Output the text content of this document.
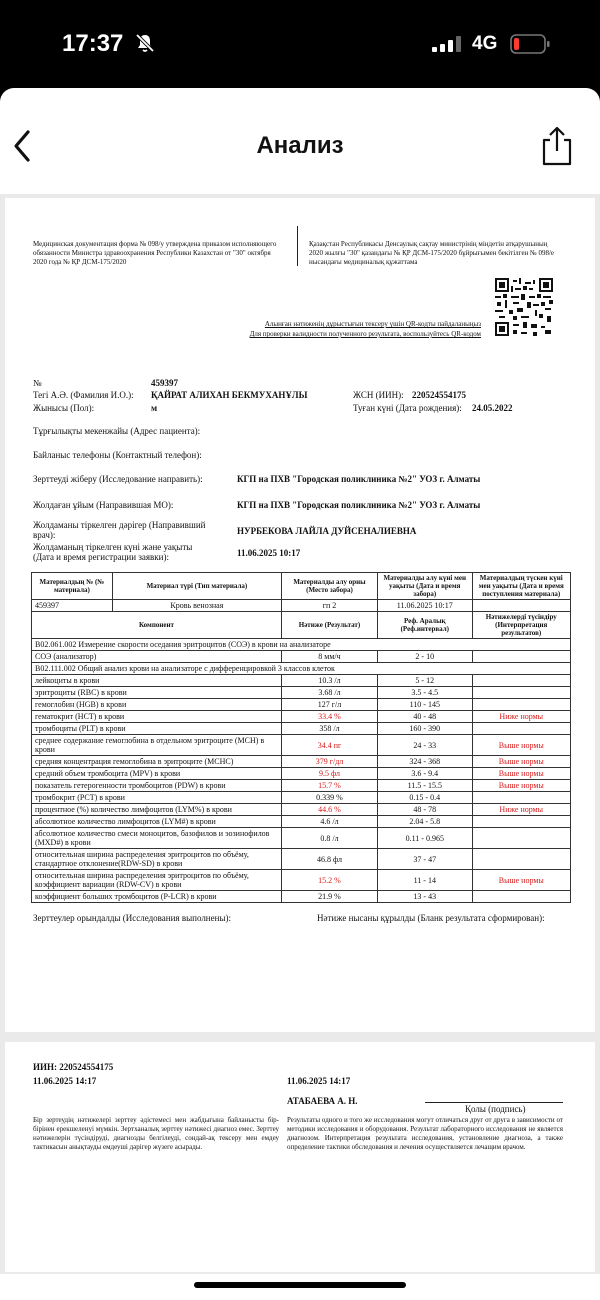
17:37	4G
Анализ
Медицинская документация форма № 098/у утверждена приказом исполняющего обязанности Министра здравоохранения Республики Казахстан от "30" октября 2020 года № ҚР ДСМ-175/2020
Қазақстан Республикасы Денсаулық сақтау министрінің міндетін атқарушының 2020 жылғы "30" қазандағы № ҚР ДСМ-175/2020 бұйрығымен бекітілген № 098/е нысандағы медициналық құжаттама
Алынған нәтиженің дұрыстығын тексеру үшін QR-кодты пайдаланыңыз
Для проверки валидности полученного результата, воспользуйтесь QR-кодом
№	459397
Тегі А.Ә. (Фамилия И.О.): ҚАЙРАТ АЛИХАН БЕКМУХАНҰЛЫ	ЖСН (ИИН): 220524554175
Жынысы (Пол):	м	Туған күні (Дата рождения): 24.05.2022
Тұрғылықты мекенжайы (Адрес пациента):
Байланыс телефоны (Контактный телефон):
Зерттеуді жіберу (Исследование направить):	КГП на ПХВ "Городская поликлиника №2" УОЗ г. Алматы
Жолдаған ұйым (Направившая МО):	КГП на ПХВ "Городская поликлиника №2" УОЗ г. Алматы
Жолдаманы тіркелген дәрігер (Направивший
врач):	НУРБЕКОВА ЛАЙЛА ДУЙСЕНАЛИЕВНА
Жолдаманың тіркелген күні және уақыты
(Дата и время регистрации заявки):	11.06.2025 10:17
Материалдың № (№ материала)	Материал түрі (Тип материала)	Материалды алу орны (Место забора)	Материалды алу күні мен уақыты (Дата и время забора)	Материалдың түскен күні мен уақыты (Дата и время поступления материала)
459397	Кровь венозная	гп 2	11.06.2025 10:17	
Компонент		Нәтиже (Результат)	Реф. Аралық (Реф.интервал)	Нәтижелерді түсіндіру (Интерпретация результатов)
B02.061.002 Измерение скорости оседания эритроцитов (СОЭ) в крови на анализаторе				
СОЭ (анализатор)		8 мм/ч	2 - 10	
B02.111.002 Общий анализ крови на анализаторе с дифференцировкой 3 классов клеток				
лейкоциты в крови		10.3 /л	5 - 12	
эритроциты (RBC) в крови		3.68 /л	3.5 - 4.5	
гемоглобин (HGB) в крови		127 г/л	110 - 145	
гематокрит (HCT) в крови		33.4 %	40 - 48	Ниже нормы
тромбоциты (PLT) в крови		358 /л	160 - 390	
среднее содержание гемоглобина в отдельном эритроците (MCH) в крови		34.4 пг	24 - 33	Выше нормы
средняя концентрация гемоглобина в эритроците (MCHC)		379 г/дл	324 - 368	Выше нормы
средний объем тромбоцита (MPV) в крови		9.5 фл	3.6 - 9.4	Выше нормы
показатель гетерогенности тромбоцитов (PDW) в крови		15.7 %	11.5 - 15.5	Выше нормы
тромбокрит (PCT) в крови		0.339 %	0.15 - 0.4	
процентное (%) количество лимфоцитов (LYM%) в крови		44.6 %	48 - 78	Ниже нормы
абсолютное количество лимфоцитов (LYM#) в крови		4.6 /л	2.04 - 5.8	
абсолютное количество смеси моноцитов, базофилов и эозинофилов (MXD#) в крови		0.8 /л	0.11 - 0.965	
относительная ширина распределения эритроцитов по объёму, стандартное отклонение(RDW-SD) в крови		46.8 фл	37 - 47	
относительная ширина распределения эритроцитов по объёму, коэффициент вариации (RDW-CV) в крови		15.2 %	11 - 14	Выше нормы
коэффициент больших тромбоцитов (P-LCR) в крови		21.9 %	13 - 43	
Зерттеулер орындалды (Исследования выполнены):	Нәтиже нысаны құрылды (Бланк результата сформирован):
ИИН: 220524554175
11.06.2025 14:17	11.06.2025 14:17
АТАБАЕВА А. Н.
Қолы (подпись)
Бір зертеудің нәтижелері зерттеу әдістемесі мен жабдығына байланысты бір-бірінен ерекшеленуі мүмкін. Зертханалық зерттеу нәтижесі диагноз емес. Зерттеу нәтижелерін түсіндіруді, диагнозды белгілеуді, сондай-ақ тексеру мен емдеу тактикасын анықтауды емдеуші дәрігер жүзеге асырады.
Результаты одного и того же исследования могут отличаться друг от друга в зависимости от методики исследования и оборудования. Результат лабораторного исследования не является диагнозом. Интерпретация результата исследования, установление диагноза, а также определение тактики обследования и лечения осуществляется лечащим врачом.
